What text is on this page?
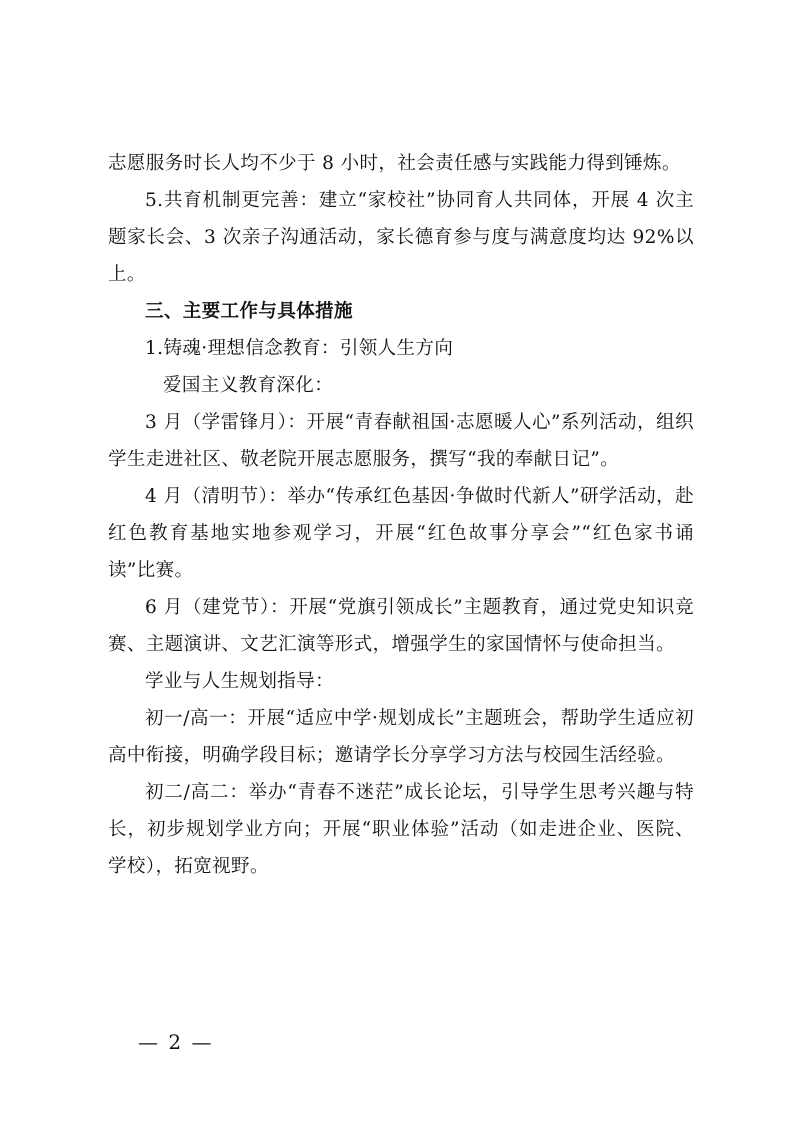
志愿服务时长人均不少于 8 小时，社会责任感与实践能力得到锤炼。

5.共育机制更完善：建立“家校社”协同育人共同体，开展 4 次主题家长会、3 次亲子沟通活动，家长德育参与度与满意度均达 92%以上。

三、主要工作与具体措施

1.铸魂·理想信念教育：引领人生方向

爱国主义教育深化：

3 月（学雷锋月）：开展“青春献祖国·志愿暖人心”系列活动，组织学生走进社区、敬老院开展志愿服务，撰写“我的奉献日记”。

4 月（清明节）：举办“传承红色基因·争做时代新人”研学活动，赴红色教育基地实地参观学习，开展“红色故事分享会”“红色家书诵读”比赛。

6 月（建党节）：开展“党旗引领成长”主题教育，通过党史知识竞赛、主题演讲、文艺汇演等形式，增强学生的家国情怀与使命担当。

学业与人生规划指导：

初一/高一：开展“适应中学·规划成长”主题班会，帮助学生适应初高中衔接，明确学段目标；邀请学长分享学习方法与校园生活经验。

初二/高二：举办“青春不迷茫”成长论坛，引导学生思考兴趣与特长，初步规划学业方向；开展“职业体验”活动（如走进企业、医院、学校），拓宽视野。

— 2 —
